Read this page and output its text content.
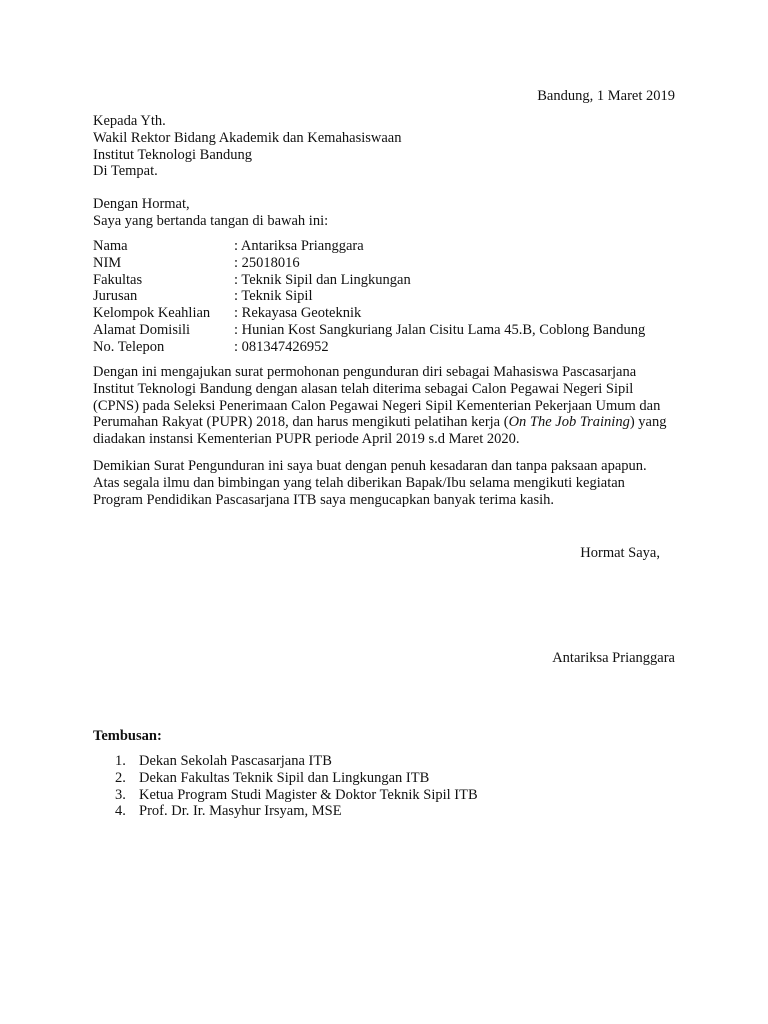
Bandung, 1 Maret 2019
Kepada Yth.
Wakil Rektor Bidang Akademik dan Kemahasiswaan
Institut Teknologi Bandung
Di Tempat.
Dengan Hormat,
Saya yang bertanda tangan di bawah ini:
Nama	: Antariksa Prianggara
NIM	: 25018016
Fakultas	: Teknik Sipil dan Lingkungan
Jurusan	: Teknik Sipil
Kelompok Keahlian	: Rekayasa Geoteknik
Alamat Domisili	: Hunian Kost Sangkuriang Jalan Cisitu Lama 45.B, Coblong Bandung
No. Telepon	: 081347426952

Dengan ini mengajukan surat permohonan pengunduran diri sebagai Mahasiswa Pascasarjana Institut Teknologi Bandung dengan alasan telah diterima sebagai Calon Pegawai Negeri Sipil (CPNS) pada Seleksi Penerimaan Calon Pegawai Negeri Sipil Kementerian Pekerjaan Umum dan Perumahan Rakyat (PUPR) 2018, dan harus mengikuti pelatihan kerja (On The Job Training) yang diadakan instansi Kementerian PUPR periode April 2019 s.d Maret 2020.

Demikian Surat Pengunduran ini saya buat dengan penuh kesadaran dan tanpa paksaan apapun. Atas segala ilmu dan bimbingan yang telah diberikan Bapak/Ibu selama mengikuti kegiatan Program Pendidikan Pascasarjana ITB saya mengucapkan banyak terima kasih.

Hormat Saya,
Antariksa Prianggara
Tembusan:
1. Dekan Sekolah Pascasarjana ITB
2. Dekan Fakultas Teknik Sipil dan Lingkungan ITB
3. Ketua Program Studi Magister & Doktor Teknik Sipil ITB
4. Prof. Dr. Ir. Masyhur Irsyam, MSE
